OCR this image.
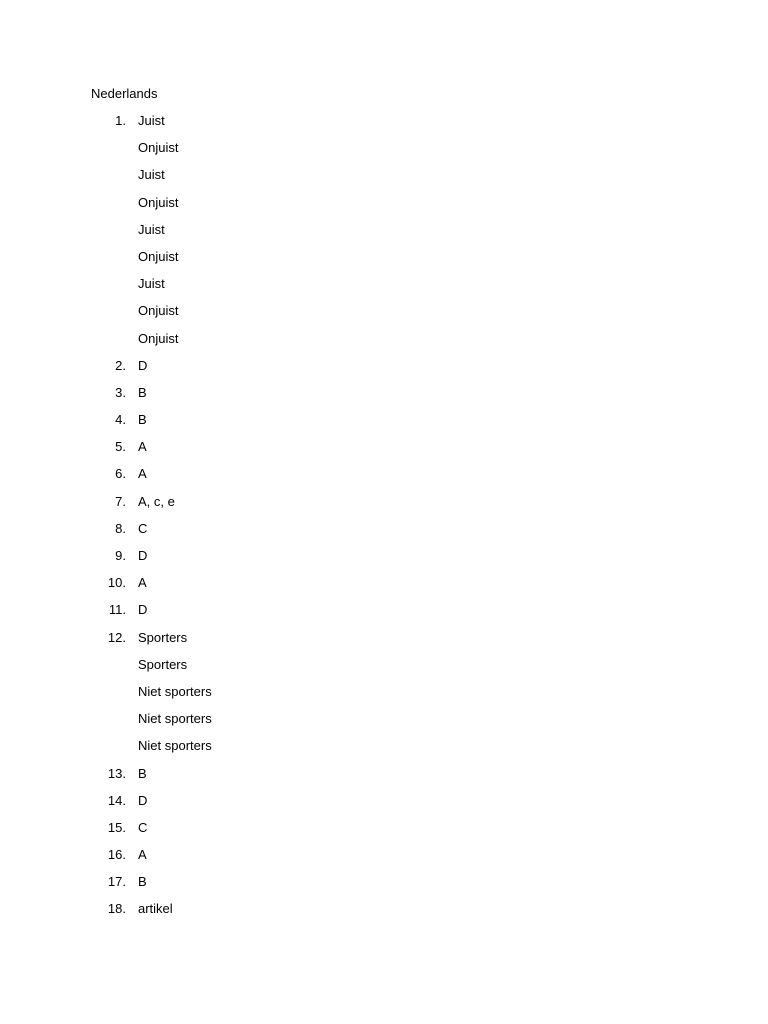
Nederlands
1. Juist
Onjuist
Juist
Onjuist
Juist
Onjuist
Juist
Onjuist
Onjuist
2. D
3. B
4. B
5. A
6. A
7. A, c, e
8. C
9. D
10. A
11. D
12. Sporters
Sporters
Niet sporters
Niet sporters
Niet sporters
13. B
14. D
15. C
16. A
17. B
18. artikel
